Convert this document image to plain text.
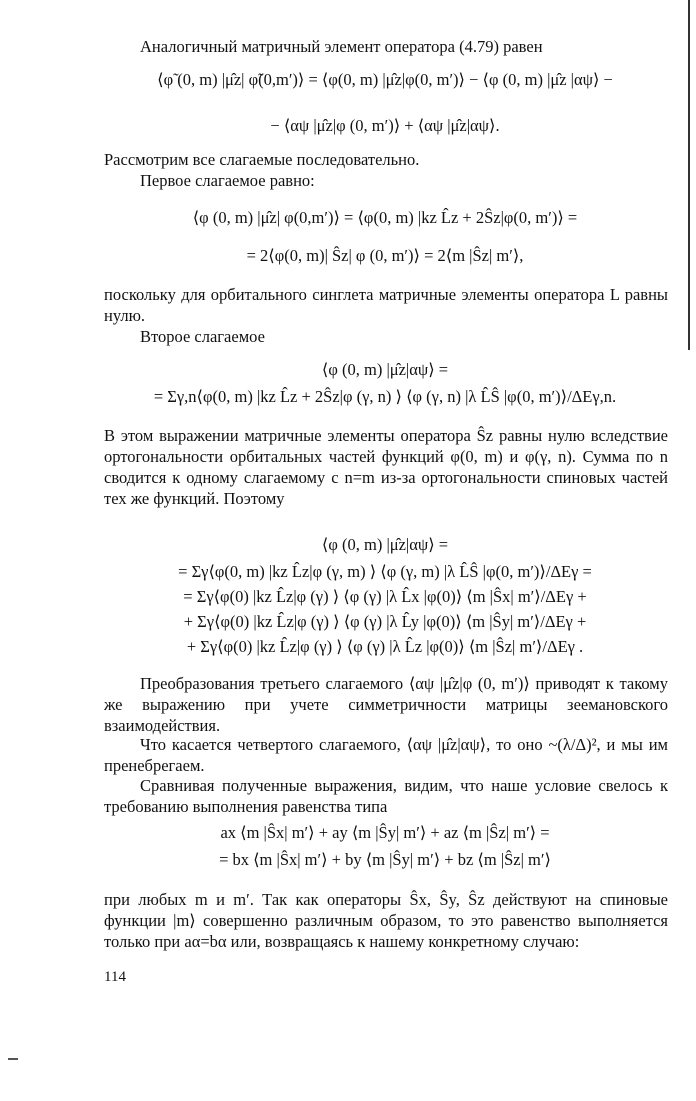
Аналогичный матричный элемент оператора (4.79) равен

⟨φ̃ (0, m) |μ̂z| φ̃(0,m′)⟩ = ⟨φ(0, m) |μ̂z|φ(0, m′)⟩ − ⟨φ (0, m) |μ̂z |αψ⟩ −

− ⟨αψ |μ̂z|φ (0, m′)⟩ + ⟨αψ |μ̂z|αψ⟩.

Рассмотрим все слагаемые последовательно.

Первое слагаемое равно:

⟨φ (0, m) |μ̂z| φ(0,m′)⟩ = ⟨φ(0, m) |kz L̂z + 2Ŝz|φ(0, m′)⟩ =

= 2⟨φ(0, m)| Ŝz| φ (0, m′)⟩ = 2⟨m |Ŝz| m′⟩,

поскольку для орбитального синглета матричные элементы оператора L равны нулю.

Второе слагаемое

⟨φ (0, m) |μ̂z|αψ⟩ =

= Σγ,n⟨φ(0, m) |kz L̂z + 2Ŝz|φ (γ, n) ⟩ ⟨φ (γ, n) |λ L̂Ŝ |φ(0, m′)⟩/ΔEγ,n.

В этом выражении матричные элементы оператора Ŝz равны нулю вследствие ортогональности орбитальных частей функций φ(0, m) и φ(γ, n). Сумма по n сводится к одному слагаемому с n=m из-за ортогональности спиновых частей тех же функций. Поэтому

⟨φ (0, m) |μ̂z|αψ⟩ =

= Σγ⟨φ(0, m) |kz L̂z|φ (γ, m) ⟩ ⟨φ (γ, m) |λ L̂Ŝ |φ(0, m′)⟩/ΔEγ =

= Σγ⟨φ(0) |kz L̂z|φ (γ) ⟩ ⟨φ (γ) |λ L̂x |φ(0)⟩ ⟨m |Ŝx| m′⟩/ΔEγ +

+ Σγ⟨φ(0) |kz L̂z|φ (γ) ⟩ ⟨φ (γ) |λ L̂y |φ(0)⟩ ⟨m |Ŝy| m′⟩/ΔEγ +

+ Σγ⟨φ(0) |kz L̂z|φ (γ) ⟩ ⟨φ (γ) |λ L̂z |φ(0)⟩ ⟨m |Ŝz| m′⟩/ΔEγ .

Преобразования третьего слагаемого ⟨αψ |μ̂z|φ (0, m′)⟩ приводят к такому же выражению при учете симметричности матрицы зеемановского взаимодействия.

Что касается четвертого слагаемого, ⟨αψ |μ̂z|αψ⟩, то оно ~(λ/Δ)², и мы им пренебрегаем.

Сравнивая полученные выражения, видим, что наше условие свелось к требованию выполнения равенства типа

ax ⟨m |Ŝx| m′⟩ + ay ⟨m |Ŝy| m′⟩ + az ⟨m |Ŝz| m′⟩ =

= bx ⟨m |Ŝx| m′⟩ + by ⟨m |Ŝy| m′⟩ + bz ⟨m |Ŝz| m′⟩

при любых m и m′. Так как операторы Ŝx, Ŝy, Ŝz действуют на спиновые функции |m⟩ совершенно различным образом, то это равенство выполняется только при aα=bα или, возвращаясь к нашему конкретному случаю:

114
